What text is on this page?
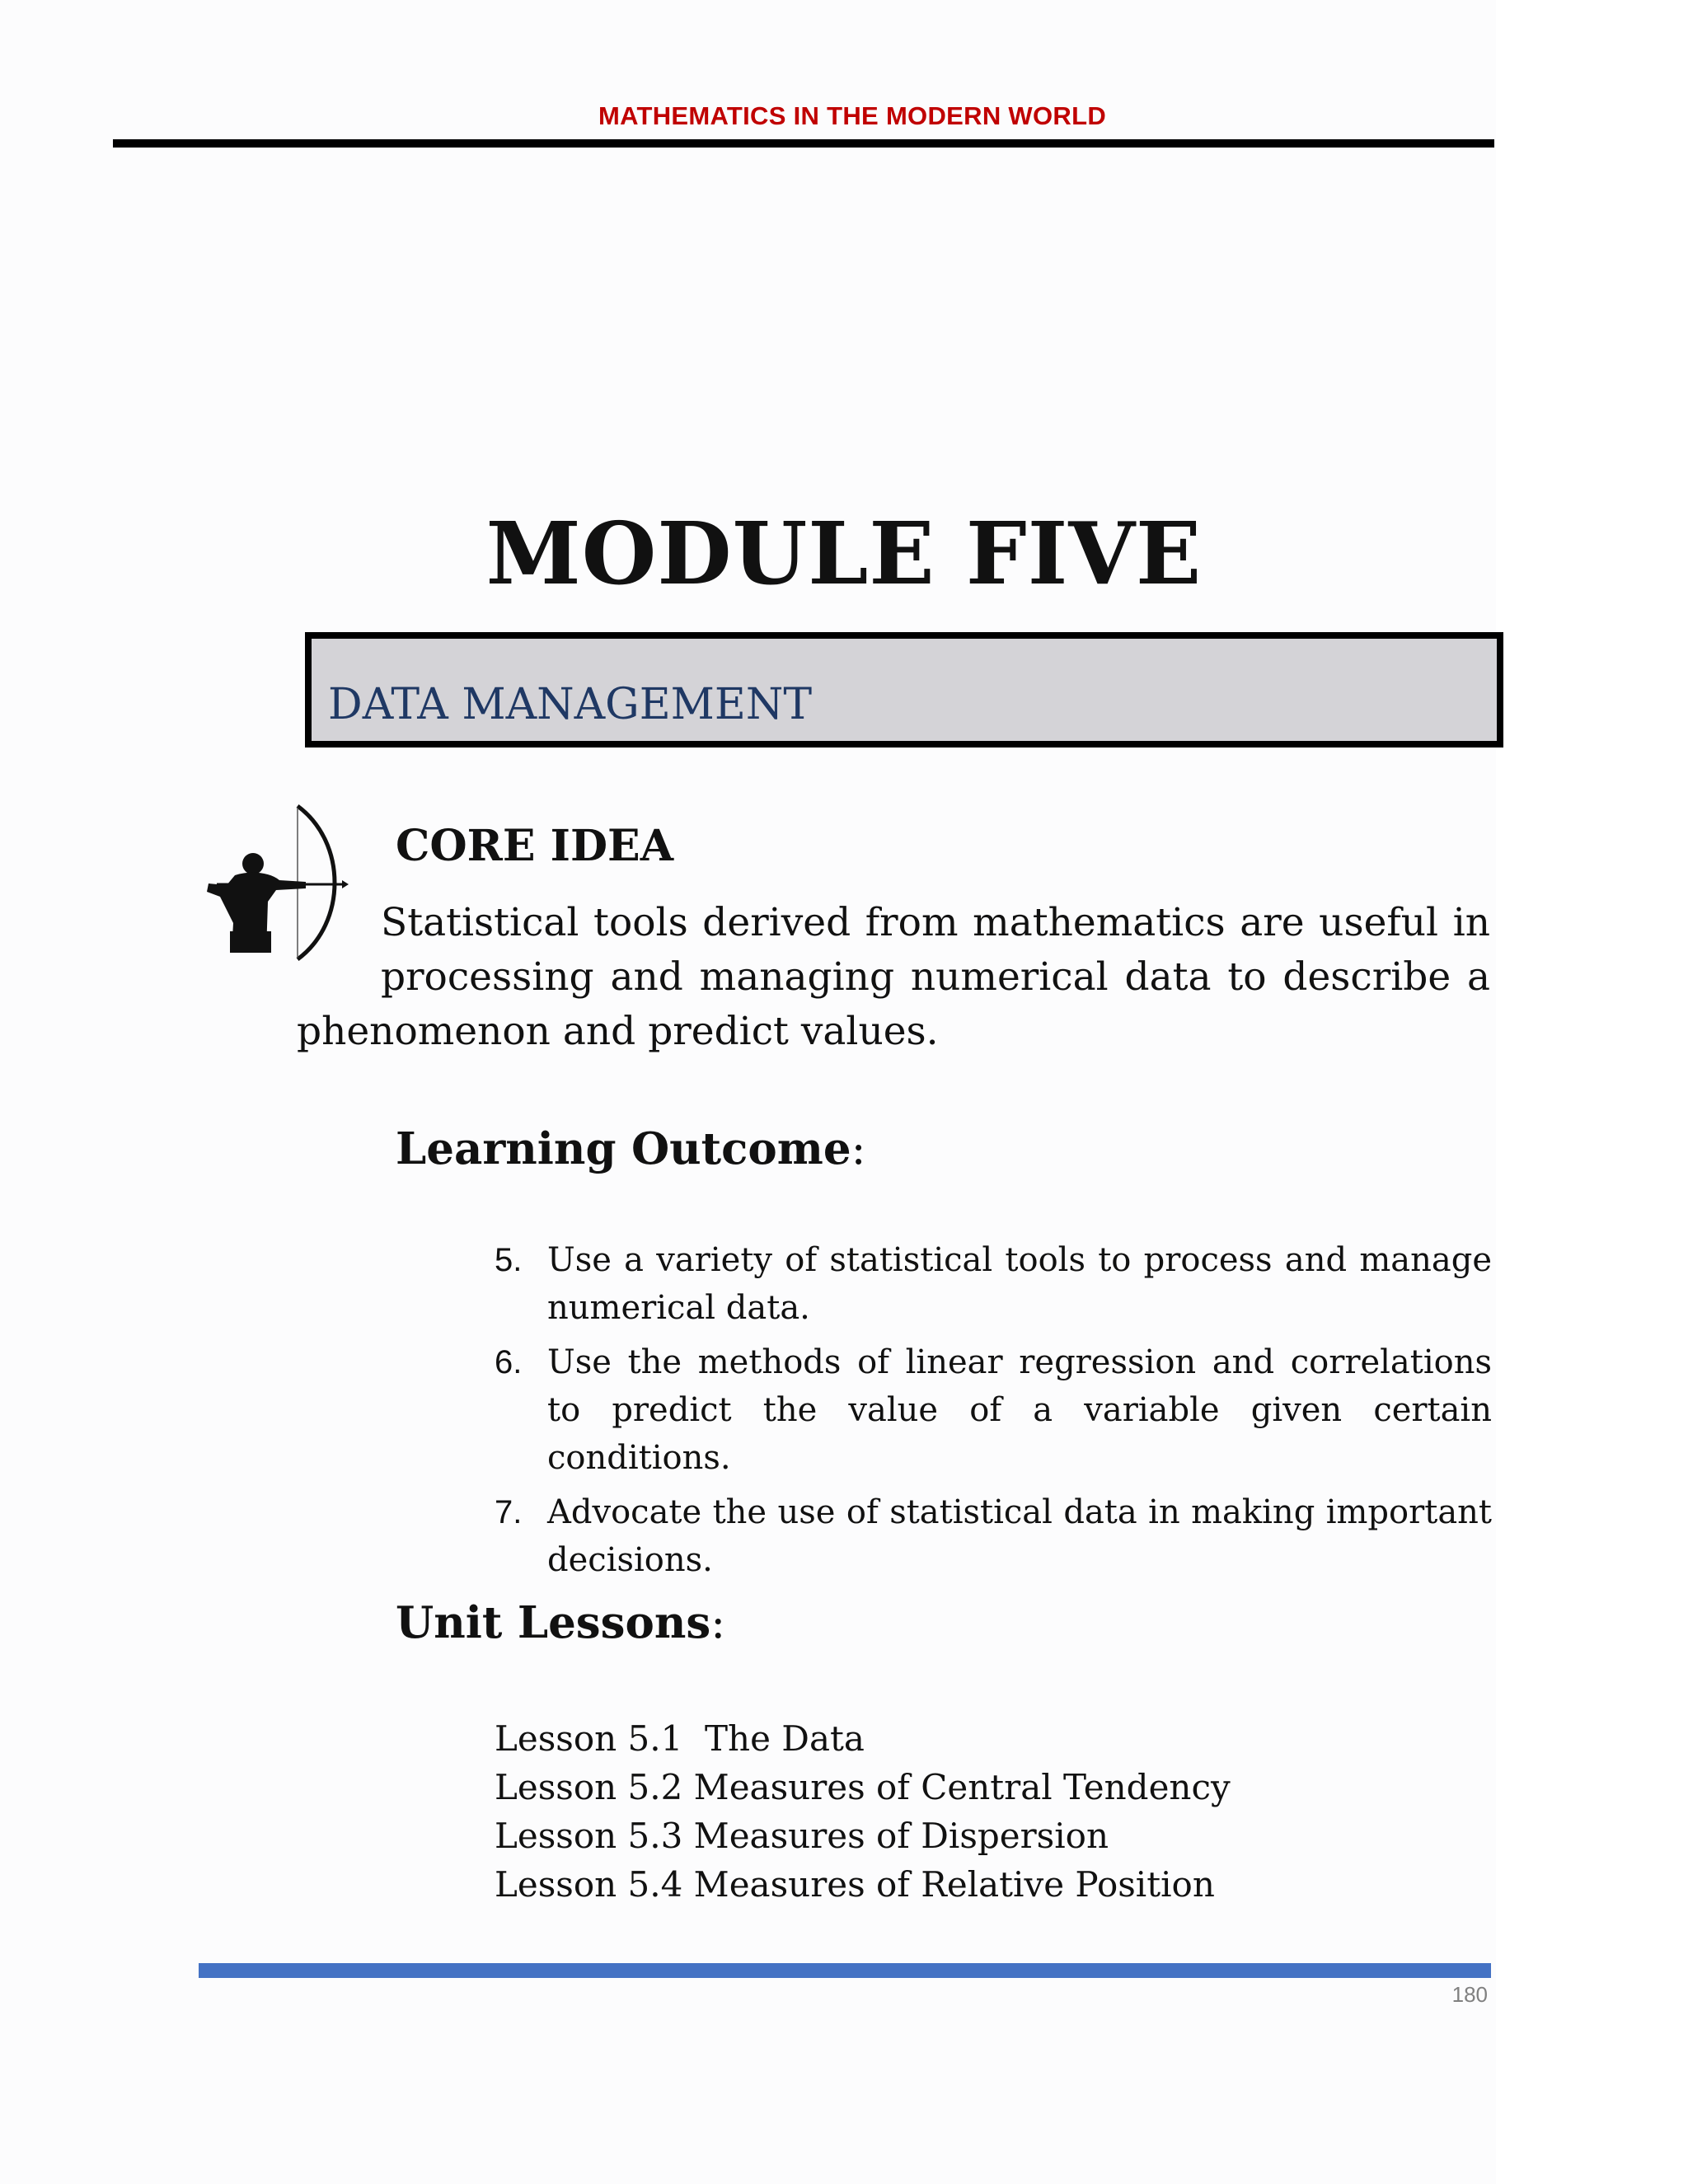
MATHEMATICS IN THE MODERN WORLD
MODULE FIVE
DATA MANAGEMENT
CORE IDEA
Statistical tools derived from mathematics are useful in
processing and managing numerical data to describe a
phenomenon and predict values.
Learning Outcome:
5. Use a variety of statistical tools to process and manage numerical data.
6. Use the methods of linear regression and correlations to predict the value of a variable given certain conditions.
7. Advocate the use of statistical data in making important decisions.
Unit Lessons:
Lesson 5.1  The Data
Lesson 5.2 Measures of Central Tendency
Lesson 5.3 Measures of Dispersion
Lesson 5.4 Measures of Relative Position
180
